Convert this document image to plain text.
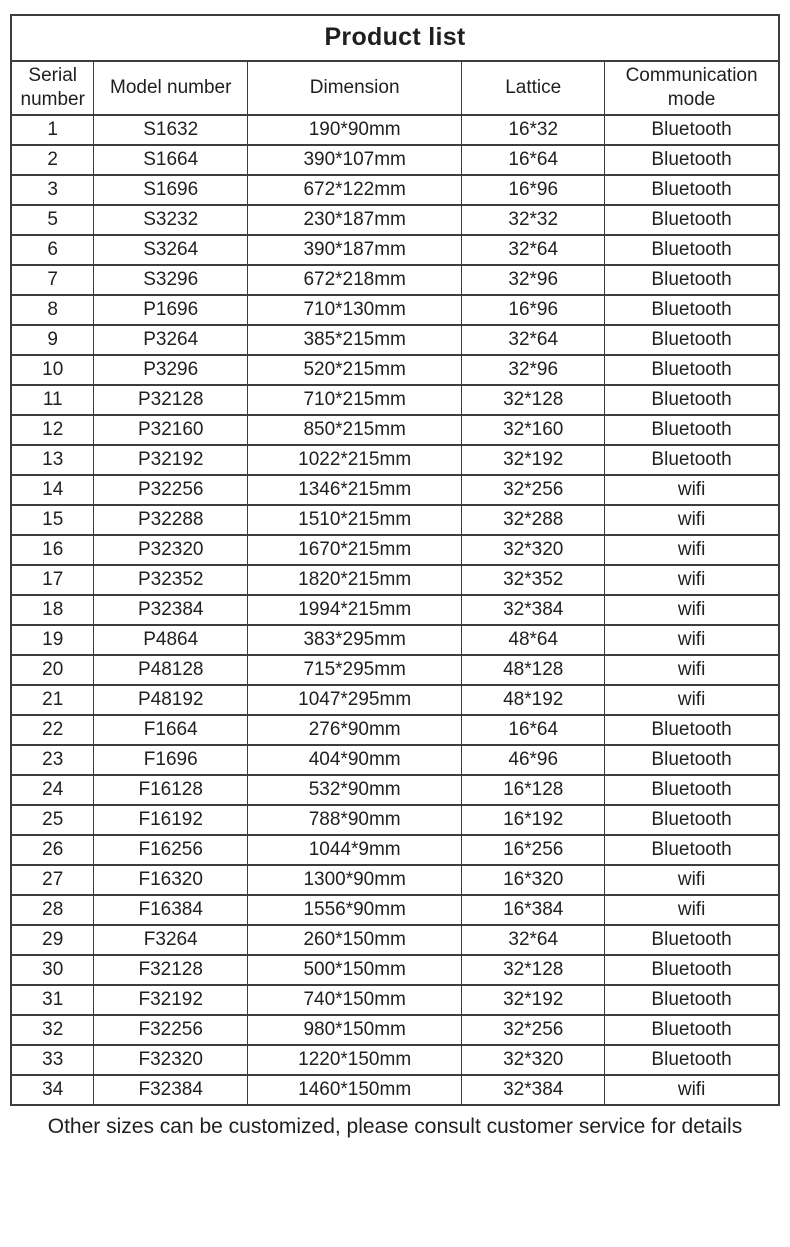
Product list				
Serial number	Model number	Dimension	Lattice	Communication mode
1	S1632	190*90mm	16*32	Bluetooth
2	S1664	390*107mm	16*64	Bluetooth
3	S1696	672*122mm	16*96	Bluetooth
5	S3232	230*187mm	32*32	Bluetooth
6	S3264	390*187mm	32*64	Bluetooth
7	S3296	672*218mm	32*96	Bluetooth
8	P1696	710*130mm	16*96	Bluetooth
9	P3264	385*215mm	32*64	Bluetooth
10	P3296	520*215mm	32*96	Bluetooth
11	P32128	710*215mm	32*128	Bluetooth
12	P32160	850*215mm	32*160	Bluetooth
13	P32192	1022*215mm	32*192	Bluetooth
14	P32256	1346*215mm	32*256	wifi
15	P32288	1510*215mm	32*288	wifi
16	P32320	1670*215mm	32*320	wifi
17	P32352	1820*215mm	32*352	wifi
18	P32384	1994*215mm	32*384	wifi
19	P4864	383*295mm	48*64	wifi
20	P48128	715*295mm	48*128	wifi
21	P48192	1047*295mm	48*192	wifi
22	F1664	276*90mm	16*64	Bluetooth
23	F1696	404*90mm	46*96	Bluetooth
24	F16128	532*90mm	16*128	Bluetooth
25	F16192	788*90mm	16*192	Bluetooth
26	F16256	1044*9mm	16*256	Bluetooth
27	F16320	1300*90mm	16*320	wifi
28	F16384	1556*90mm	16*384	wifi
29	F3264	260*150mm	32*64	Bluetooth
30	F32128	500*150mm	32*128	Bluetooth
31	F32192	740*150mm	32*192	Bluetooth
32	F32256	980*150mm	32*256	Bluetooth
33	F32320	1220*150mm	32*320	Bluetooth
34	F32384	1460*150mm	32*384	wifi
Other sizes can be customized, please consult customer service for details
